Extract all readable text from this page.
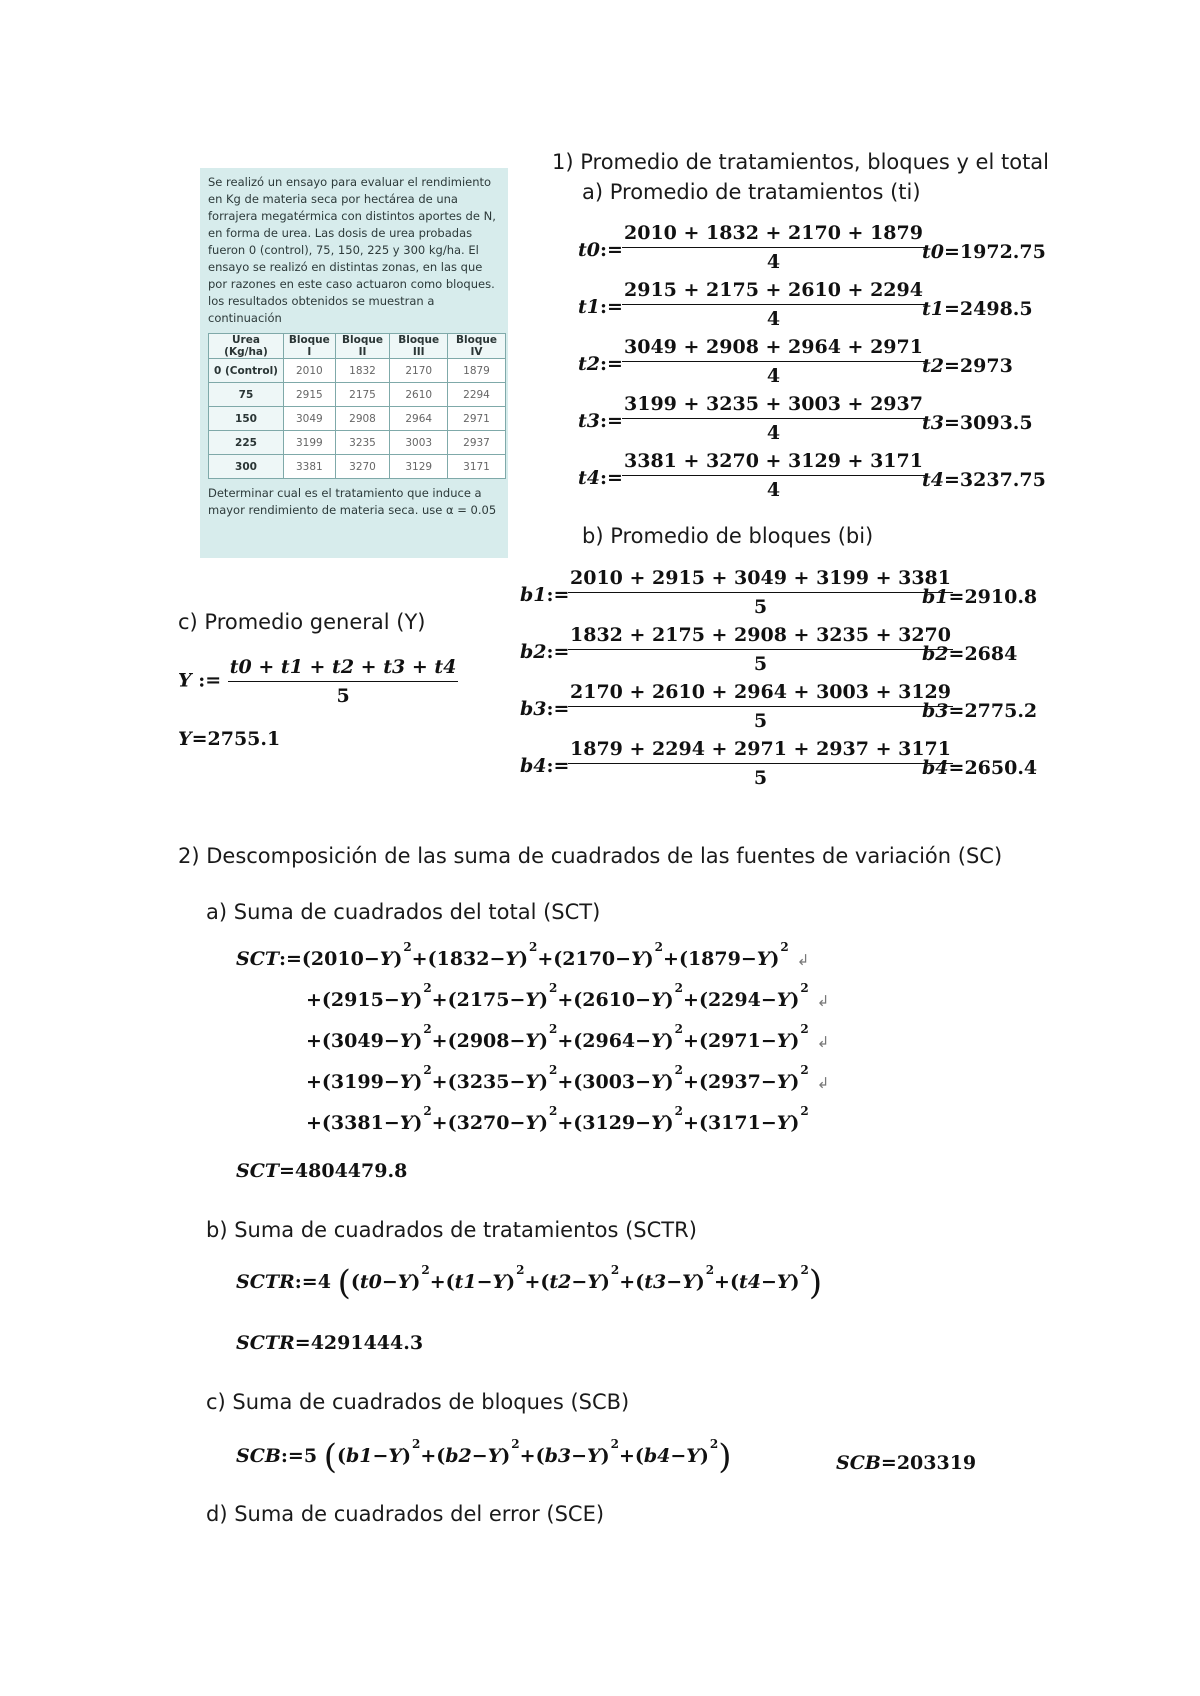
Se realizó un ensayo para evaluar el rendimiento en Kg de materia seca por hectárea de una forrajera megatérmica con distintos aportes de N, en forma de urea. Las dosis de urea probadas fueron 0 (control), 75, 150, 225 y 300 kg/ha. El ensayo se realizó en distintas zonas, en las que por razones en este caso actuaron como bloques. los resultados obtenidos se muestran a continuación
Urea (Kg/ha)	Bloque I	Bloque II	Bloque III	Bloque IV
0 (Control)	2010	1832	2170	1879
75	2915	2175	2610	2294
150	3049	2908	2964	2971
225	3199	3235	3003	2937
300	3381	3270	3129	3171
Determinar cual es el tratamiento que induce a mayor rendimiento de materia seca. use α = 0.05
1) Promedio de tratamientos, bloques y el total
a) Promedio de tratamientos (ti)
t0:= $\frac{2010 + 1832 + 2170 + 1879}{4}$
t0=1972.75
t1:= $\frac{2915 + 2175 + 2610 + 2294}{4}$
t1=2498.5
t2:= $\frac{3049 + 2908 + 2964 + 2971}{4}$
t2=2973
t3:= $\frac{3199 + 3235 + 3003 + 2937}{4}$
t3=3093.5
t4:= $\frac{3381 + 3270 + 3129 + 3171}{4}$
t4=3237.75
b) Promedio de bloques (bi)
b1:=
$\frac{2010 + 2915 + 3049 + 3199 + 3381}{5}$
b1=2910.8
b2:=
$\frac{1832 + 2175 + 2908 + 3235 + 3270}{5}$
b2=2684
b3:=
$\frac{2170 + 2610 + 2964 + 3003 + 3129}{5}$
b3=2775.2
b4:=
$\frac{1879 + 2294 + 2971 + 2937 + 3171}{5}$
b4=2650.4
c) Promedio general (Y)
Y := $\frac{t0 + t1 + t2 + t3 + t4}{5}$
Y=2755.1
2) Descomposición de las suma de cuadrados de las fuentes de variación (SC)
a) Suma de cuadrados del total (SCT)
$SCT:=(2010-Y)^2+(1832-Y)^2+(2170-Y)^2+(1879-Y)^2↲$
$+(2915-Y)^2+(2175-Y)^2+(2610-Y)^2+(2294-Y)^2↲$
$+(3049-Y)^2+(2908-Y)^2+(2964-Y)^2+(2971-Y)^2↲$
$+(3199-Y)^2+(3235-Y)^2+(3003-Y)^2+(2937-Y)^2↲$
$+(3381-Y)^2+(3270-Y)^2+(3129-Y)^2+(3171-Y)^2$
SCT=4804479.8
b) Suma de cuadrados de tratamientos (SCTR)
SCTR:=4 $((t0-Y)^2+(t1-Y)^2+(t2-Y)^2+(t3-Y)^2+(t4-Y)^2)$
SCTR=4291444.3
c) Suma de cuadrados de bloques (SCB)
SCB:=5 $((b1-Y)^2+(b2-Y)^2+(b3-Y)^2+(b4-Y)^2)$	SCB=203319
d) Suma de cuadrados del error (SCE)
